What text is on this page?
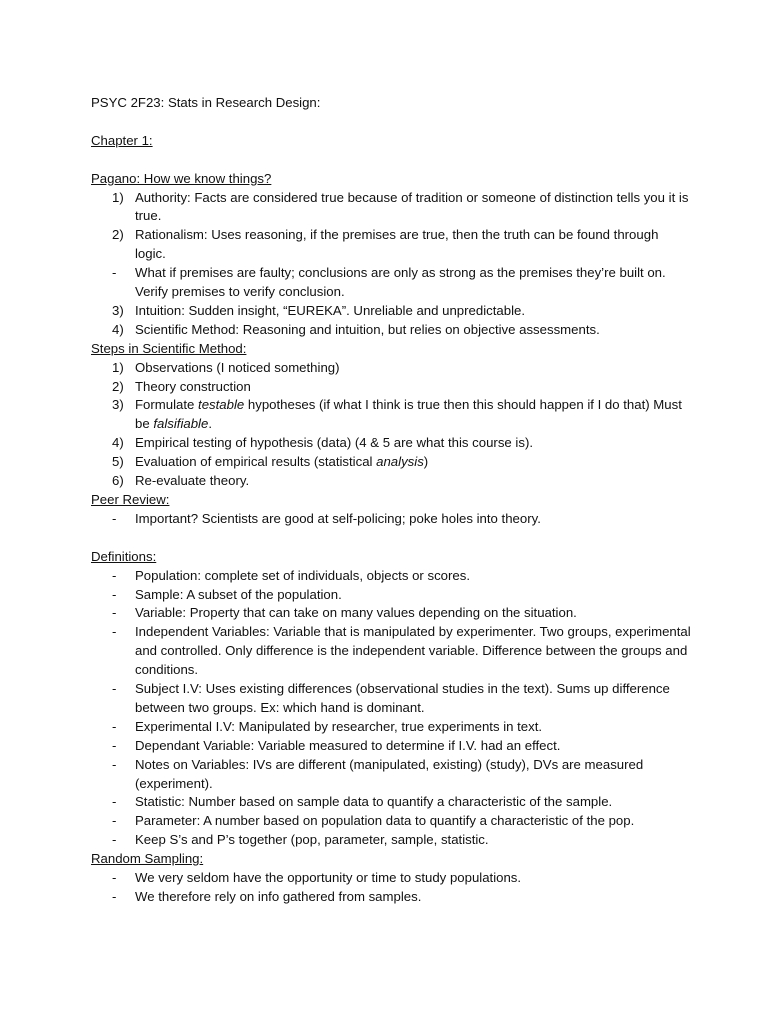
PSYC 2F23: Stats in Research Design:
Chapter 1:
Pagano: How we know things?
1) Authority: Facts are considered true because of tradition or someone of distinction tells you it is true.
2) Rationalism: Uses reasoning, if the premises are true, then the truth can be found through logic.
- What if premises are faulty; conclusions are only as strong as the premises they’re built on. Verify premises to verify conclusion.
3) Intuition: Sudden insight, “EUREKA”. Unreliable and unpredictable.
4) Scientific Method: Reasoning and intuition, but relies on objective assessments.
Steps in Scientific Method:
1) Observations (I noticed something)
2) Theory construction
3) Formulate testable hypotheses (if what I think is true then this should happen if I do that) Must be falsifiable.
4) Empirical testing of hypothesis (data) (4 & 5 are what this course is).
5) Evaluation of empirical results (statistical analysis)
6) Re-evaluate theory.
Peer Review:
- Important? Scientists are good at self-policing; poke holes into theory.
Definitions:
- Population: complete set of individuals, objects or scores.
- Sample: A subset of the population.
- Variable: Property that can take on many values depending on the situation.
- Independent Variables: Variable that is manipulated by experimenter. Two groups, experimental and controlled. Only difference is the independent variable. Difference between the groups and conditions.
- Subject I.V: Uses existing differences (observational studies in the text). Sums up difference between two groups. Ex: which hand is dominant.
- Experimental I.V: Manipulated by researcher, true experiments in text.
- Dependant Variable: Variable measured to determine if I.V. had an effect.
- Notes on Variables: IVs are different (manipulated, existing) (study), DVs are measured (experiment).
- Statistic: Number based on sample data to quantify a characteristic of the sample.
- Parameter: A number based on population data to quantify a characteristic of the pop.
- Keep S’s and P’s together (pop, parameter, sample, statistic.
Random Sampling:
- We very seldom have the opportunity or time to study populations.
- We therefore rely on info gathered from samples.
